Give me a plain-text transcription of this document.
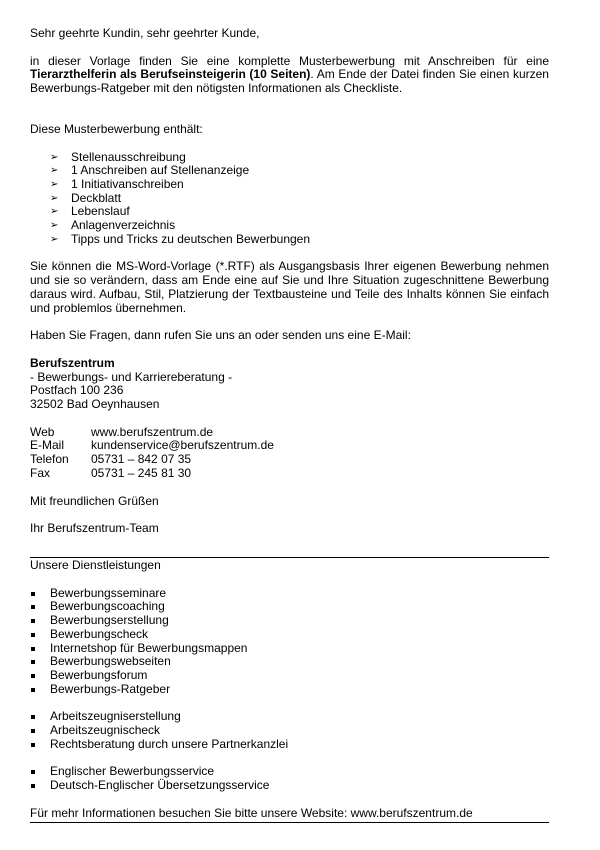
Sehr geehrte Kundin, sehr geehrter Kunde,

in dieser Vorlage finden Sie eine komplette Musterbewerbung mit Anschreiben für eine Tierarzthelferin als Berufseinsteigerin (10 Seiten). Am Ende der Datei finden Sie einen kurzen Bewerbungs-Ratgeber mit den nötigsten Informationen als Checkliste.

Diese Musterbewerbung enthält:

➢ Stellenausschreibung
➢ 1 Anschreiben auf Stellenanzeige
➢ 1 Initiativanschreiben
➢ Deckblatt
➢ Lebenslauf
➢ Anlagenverzeichnis
➢ Tipps und Tricks zu deutschen Bewerbungen

Sie können die MS-Word-Vorlage (*.RTF) als Ausgangsbasis Ihrer eigenen Bewerbung nehmen und sie so verändern, dass am Ende eine auf Sie und Ihre Situation zugeschnittene Bewerbung daraus wird. Aufbau, Stil, Platzierung der Textbausteine und Teile des Inhalts können Sie einfach und problemlos übernehmen.

Haben Sie Fragen, dann rufen Sie uns an oder senden uns eine E-Mail:

Berufszentrum

- Bewerbungs- und Karriereberatung -

Postfach 100 236

32502 Bad Oeynhausen

Web	www.berufszentrum.de
E-Mail	kundenservice@berufszentrum.de
Telefon	05731 – 842 07 35
Fax	05731 – 245 81 30

Mit freundlichen Grüßen

Ihr Berufszentrum-Team

Unsere Dienstleistungen

Bewerbungsseminare
Bewerbungscoaching
Bewerbungserstellung
Bewerbungscheck
Internetshop für Bewerbungsmappen
Bewerbungswebseiten
Bewerbungsforum
Bewerbungs-Ratgeber
Arbeitszeugniserstellung
Arbeitszeugnischeck
Rechtsberatung durch unsere Partnerkanzlei
Englischer Bewerbungsservice
Deutsch-Englischer Übersetzungsservice

Für mehr Informationen besuchen Sie bitte unsere Website: www.berufszentrum.de
